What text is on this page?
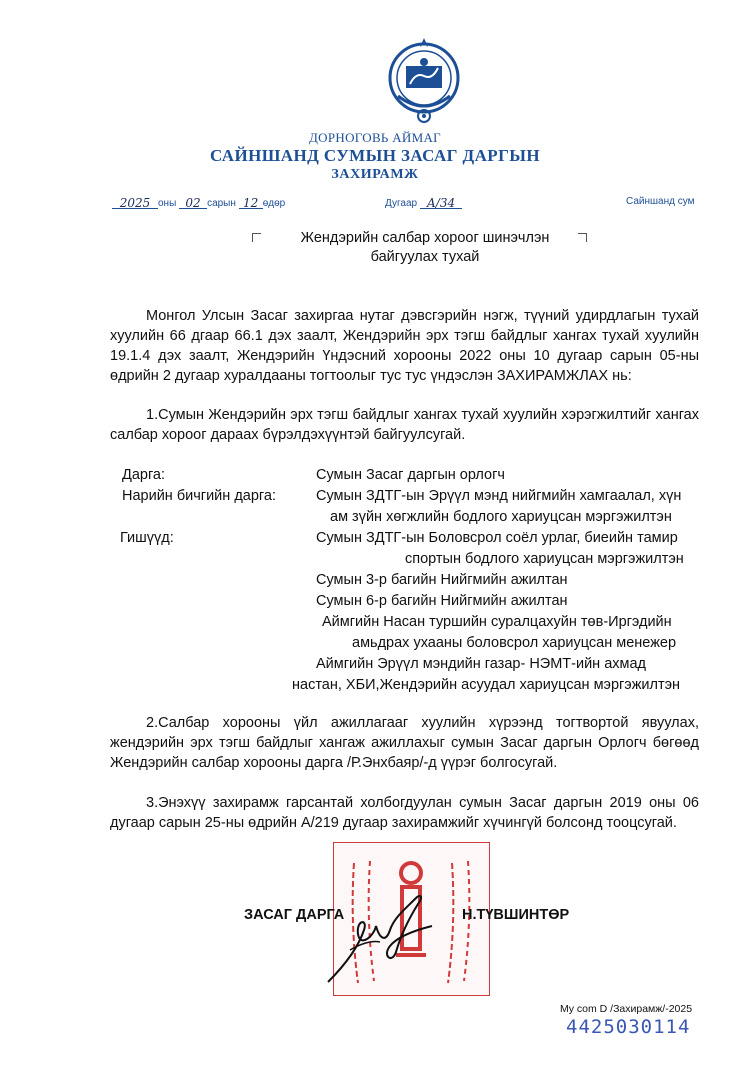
ДОРНОГОВЬ АЙМАГ
САЙНШАНД СУМЫН ЗАСАГ ДАРГЫН
ЗАХИРАМЖ
2025 оны 02 сарын 12 өдөр	Дугаар А/34	Сайншанд сум
Жендэрийн салбар хороог шинэчлэн
байгуулах тухай
Монгол Улсын Засаг захиргаа нутаг дэвсгэрийн нэгж, түүний удирдлагын тухай хуулийн 66 дгаар 66.1 дэх заалт, Жендэрийн эрх тэгш байдлыг хангах тухай хуулийн 19.1.4 дэх заалт, Жендэрийн Үндэсний хорооны 2022 оны 10 дугаар сарын 05-ны өдрийн 2 дугаар хуралдааны тогтоолыг тус тус үндэслэн ЗАХИРАМЖЛАХ нь:
1.Сумын Жендэрийн эрх тэгш байдлыг хангах тухай хуулийн хэрэгжилтийг хангах салбар хороог дараах бүрэлдэхүүнтэй байгуулсугай.
Дарга:	Сумын Засаг даргын орлогч
Нарийн бичгийн дарга:	Сумын ЗДТГ-ын Эрүүл мэнд нийгмийн хамгаалал, хүн
ам зүйн хөгжлийн бодлого хариуцсан мэргэжилтэн
Гишүүд:	Сумын ЗДТГ-ын Боловсрол соёл урлаг, биеийн тамир
спортын бодлого хариуцсан мэргэжилтэн
Сумын 3-р багийн Нийгмийн ажилтан
Сумын 6-р багийн Нийгмийн ажилтан
Аймгийн Насан туршийн суралцахуйн төв-Иргэдийн
амьдрах ухааны боловсрол хариуцсан менежер
Аймгийн Эрүүл мэндийн газар- НЭМТ-ийн ахмад
настан, ХБИ,Жендэрийн асуудал хариуцсан мэргэжилтэн
2.Салбар хорооны үйл ажиллагааг хуулийн хүрээнд тогтвортой явуулах, жендэрийн эрх тэгш байдлыг хангаж ажиллахыг сумын Засаг даргын Орлогч бөгөөд Жендэрийн салбар хорооны дарга /Р.Энхбаяр/-д үүрэг болгосугай.
3.Энэхүү захирамж гарсантай холбогдуулан сумын Засаг даргын 2019 оны 06 дугаар сарын 25-ны өдрийн А/219 дугаар захирамжийг хүчингүй болсонд тооцсугай.
ЗАСАГ ДАРГА	Н.ТҮВШИНТӨР
My com D /Захирамж/-2025
4425030114
